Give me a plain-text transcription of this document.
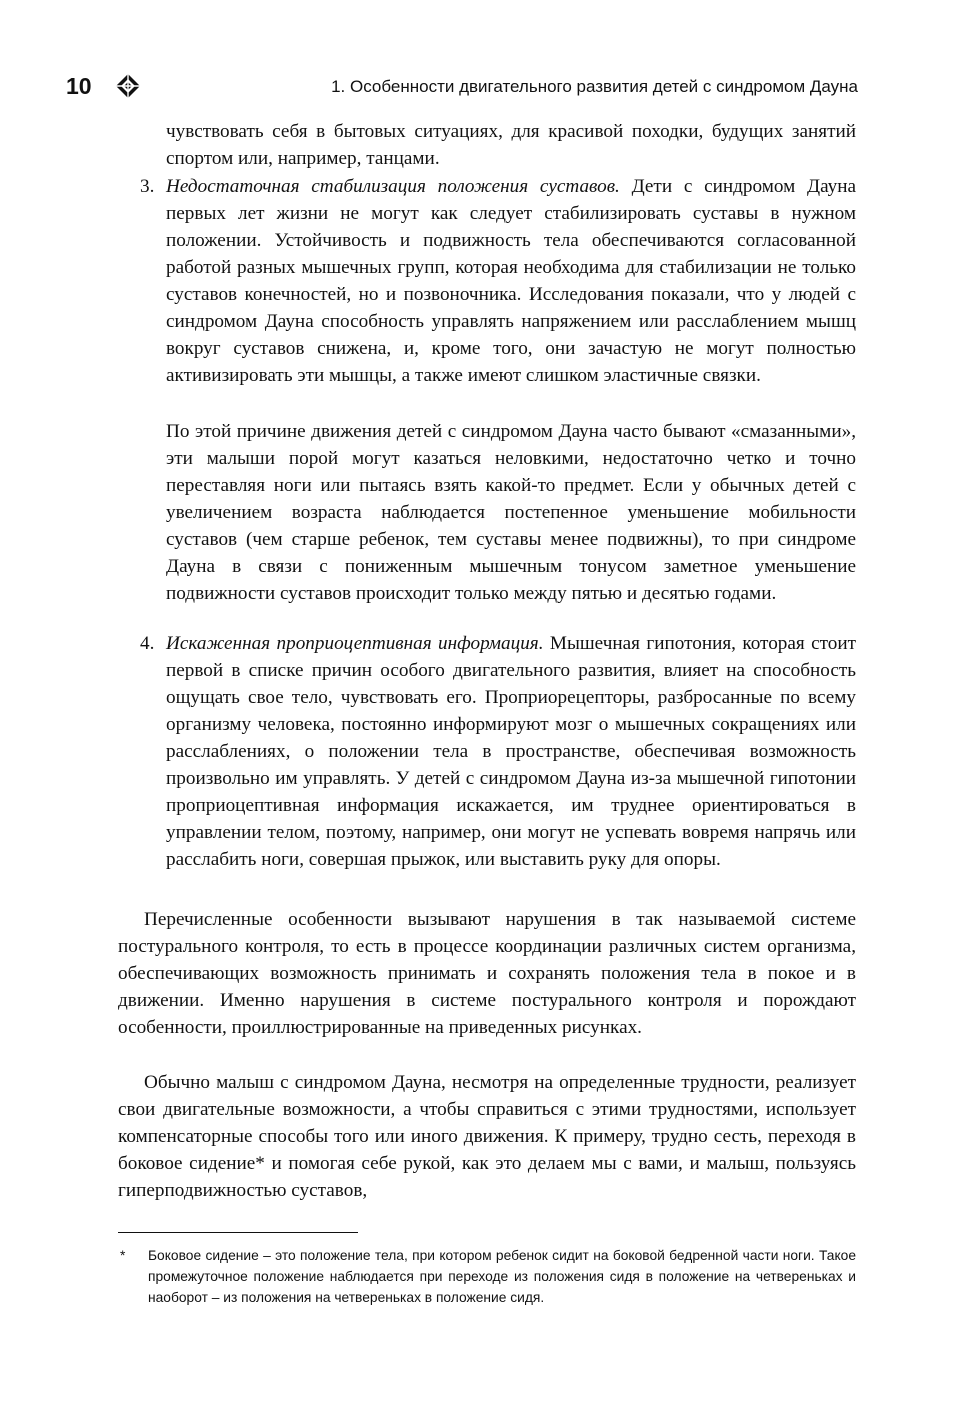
10	1. Особенности двигательного развития детей с синдромом Дауна
чувствовать себя в бытовых ситуациях, для красивой походки, будущих занятий спортом или, например, танцами.
3. Недостаточная стабилизация положения суставов. Дети с синдромом Дауна первых лет жизни не могут как следует стабилизировать суставы в нужном положении. Устойчивость и подвижность тела обеспечиваются согласованной работой разных мышечных групп, которая необходима для стабилизации не только суставов конечностей, но и позвоночника. Исследования показали, что у людей с синдромом Дауна способность управлять напряжением или расслаблением мышц вокруг суставов снижена, и, кроме того, они зачастую не могут полностью активизировать эти мышцы, а также имеют слишком эластичные связки.

По этой причине движения детей с синдромом Дауна часто бывают «смазанными», эти малыши порой могут казаться неловкими, недостаточно четко и точно переставляя ноги или пытаясь взять какой-то предмет. Если у обычных детей с увеличением возраста наблюдается постепенное уменьшение мобильности суставов (чем старше ребенок, тем суставы менее подвижны), то при синдроме Дауна в связи с пониженным мышечным тонусом заметное уменьшение подвижности суставов происходит только между пятью и десятью годами.
4. Искаженная проприоцептивная информация. Мышечная гипотония, которая стоит первой в списке причин особого двигательного развития, влияет на способность ощущать свое тело, чувствовать его. Проприорецепторы, разбросанные по всему организму человека, постоянно информируют мозг о мышечных сокращениях или расслаблениях, о положении тела в пространстве, обеспечивая возможность произвольно им управлять. У детей с синдромом Дауна из-за мышечной гипотонии проприоцептивная информация искажается, им труднее ориентироваться в управлении телом, поэтому, например, они могут не успевать вовремя напрячь или расслабить ноги, совершая прыжок, или выставить руку для опоры.

Перечисленные особенности вызывают нарушения в так называемой системе постурального контроля, то есть в процессе координации различных систем организма, обеспечивающих возможность принимать и сохранять положения тела в покое и в движении. Именно нарушения в системе постурального контроля и порождают особенности, проиллюстрированные на приведенных рисунках.

Обычно малыш с синдромом Дауна, несмотря на определенные трудности, реализует свои двигательные возможности, а чтобы справиться с этими трудностями, использует компенсаторные способы того или иного движения. К примеру, трудно сесть, переходя в боковое сидение* и помогая себе рукой, как это делаем мы с вами, и малыш, пользуясь гиперподвижностью суставов,

*	Боковое сидение – это положение тела, при котором ребенок сидит на боковой бедренной части ноги. Такое промежуточное положение наблюдается при переходе из положения сидя в положение на четвереньках и наоборот – из положения на четвереньках в положение сидя.
